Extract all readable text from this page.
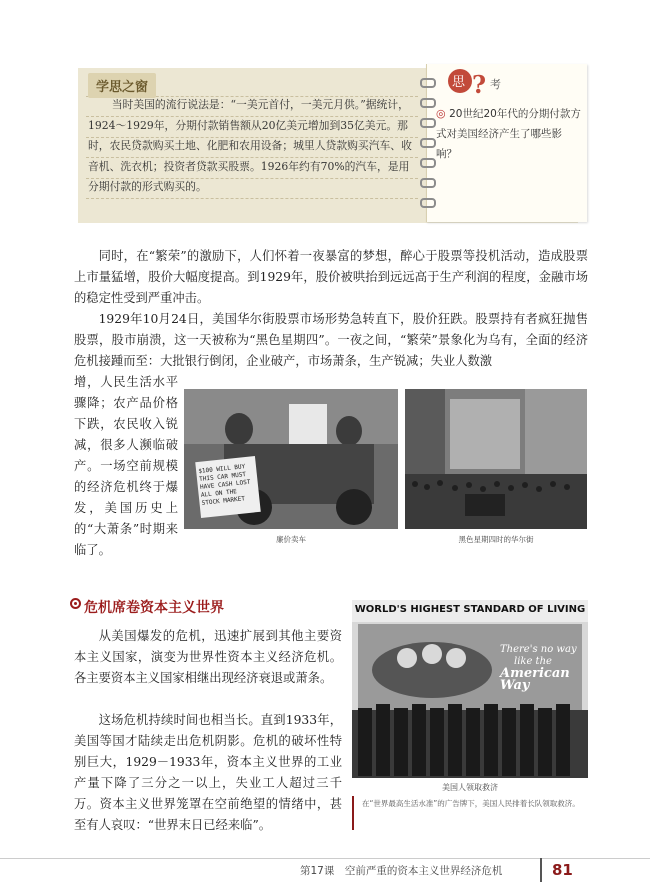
学思之窗
当时美国的流行说法是：“一美元首付，一美元月供。”据统计，1924～1929年，分期付款销售额从20亿美元增加到35亿美元。那时，农民贷款购买土地、化肥和农用设备；城里人贷款购买汽车、收音机、洗衣机；投资者贷款买股票。1926年约有70%的汽车，是用分期付款的形式购买的。
思 ? 考
◎ 20世纪20年代的分期付款方式对美国经济产生了哪些影响？
同时，在“繁荣”的激励下，人们怀着一夜暴富的梦想，醉心于股票等投机活动，造成股票上市量猛增，股价大幅度提高。到1929年，股价被哄抬到远远高于生产利润的程度，金融市场的稳定性受到严重冲击。
1929年10月24日，美国华尔街股票市场形势急转直下，股价狂跌。股票持有者疯狂抛售股票，股市崩溃，这一天被称为“黑色星期四”。一夜之间，“繁荣”景象化为乌有，全面的经济危机接踵而至：大批银行倒闭，企业破产，市场萧条，生产锐减；失业人数激
增，人民生活水平骤降；农产品价格下跌，农民收入锐减，很多人濒临破产。一场空前规模的经济危机终于爆发，美国历史上的“大萧条”时期来临了。
$100 WILL BUY THIS CAR MUST HAVE CASH LOST ALL ON THE STOCK MARKET
廉价卖车	黑色星期四时的华尔街
危机席卷资本主义世界
从美国爆发的危机，迅速扩展到其他主要资本主义国家，演变为世界性资本主义经济危机。各主要资本主义国家相继出现经济衰退或萧条。
这场危机持续时间也相当长。直到1933年，美国等国才陆续走出危机阴影。危机的破坏性特别巨大，1929－1933年，资本主义世界的工业产量下降了三分之一以上，失业工人超过三千万。资本主义世界笼罩在空前绝望的情绪中，甚至有人哀叹：“世界末日已经来临”。
WORLD'S HIGHEST STANDARD OF LIVING
There's no way
like the
American Way
美国人领取救济
在“世界最高生活水准”的广告牌下，美国人民排着长队领取救济。
第17课　空前严重的资本主义世界经济危机	81
